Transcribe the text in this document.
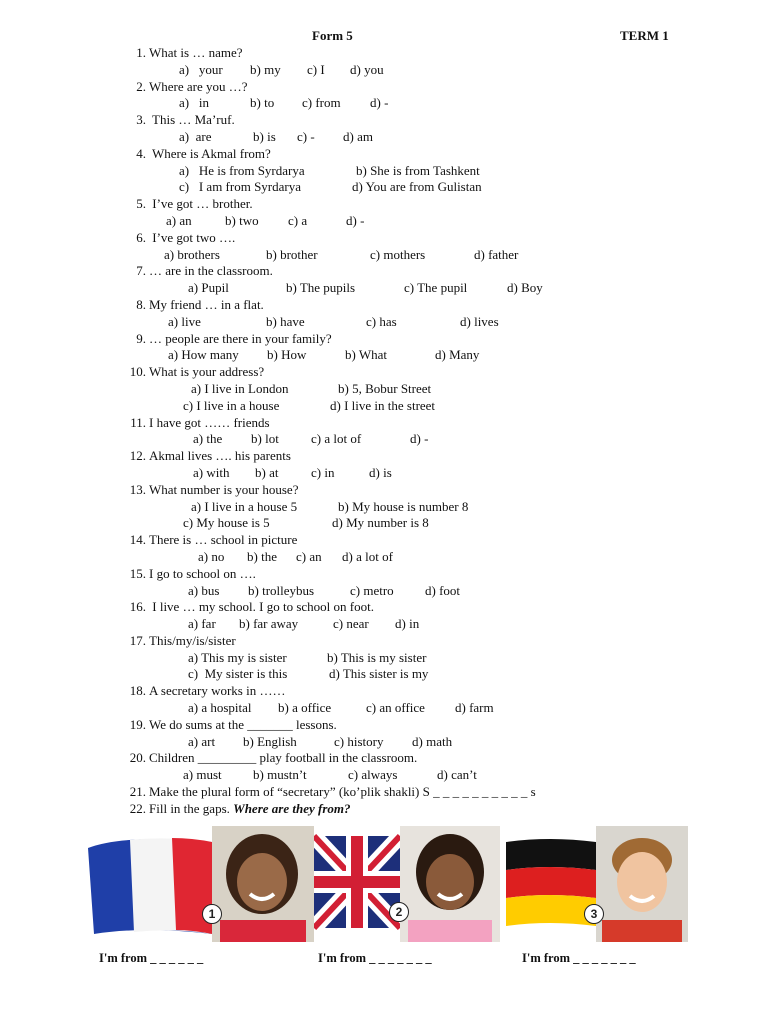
Form 5	TERM 1
1. What is … name?
a)   your b) my c) I d) you
2. Where are you …?
a)   in	b) to c) from d) -
3. This … Ma’ruf.
a)  are	b) is c) - d) am
4. Where is Akmal from?
a)   He is from Syrdarya	b) She is from Tashkent
c)   I am from Syrdarya	d) You are from Gulistan
5. I’ve got … brother.
a) an	b) two c) a	d) -
6. I’ve got two ….
a) brothers	b) brother	c) mothers	d) father
7. … are in the classroom.
a) Pupil	b) The pupils	c) The pupil	d) Boy
8. My friend … in a flat.
a) live	b) have	c) has	d) lives
9. … people are there in your family?
a) How many b) How	b) What	d) Many
10. What is your address?
a) I live in London	b) 5, Bobur Street
c) I live in a house	d) I live in the street
11. I have got …… friends
a) the b) lot c) a lot of	d) -
12. Akmal lives …. his parents
a) with b) at	c) in	d) is
13. What number is your house?
a) I live in a house 5	b) My house is number 8
c) My house is 5	d) My number is 8
14. There is … school in picture
a) no b) the c) an d) a lot of
15. I go to school on ….
a) bus b) trolleybus	c) metro d) foot
16. I live … my school. I go to school on foot.
a) far b) far away	c) near d) in
17. This/my/is/sister
a) This my is sister	b) This is my sister
c)  My sister is this	d) This sister is my
18. A secretary works in ……
a) a hospital b) a office	c) an office d) farm
19. We do sums at the _______ lessons.
a) art b) English	c) history d) math
20. Children _________ play football in the classroom.
a) must b) mustn’t	c) always	d) can’t
21. Make the plural form of “secretary” (ko’plik shakli) S _ _ _ _ _ _ _ _ _ _ s
22. Fill in the gaps. Where are they from?
1	2	3
I'm from _ _ _ _ _ _	I'm from _ _ _ _ _ _ _	I'm from _ _ _ _ _ _ _
